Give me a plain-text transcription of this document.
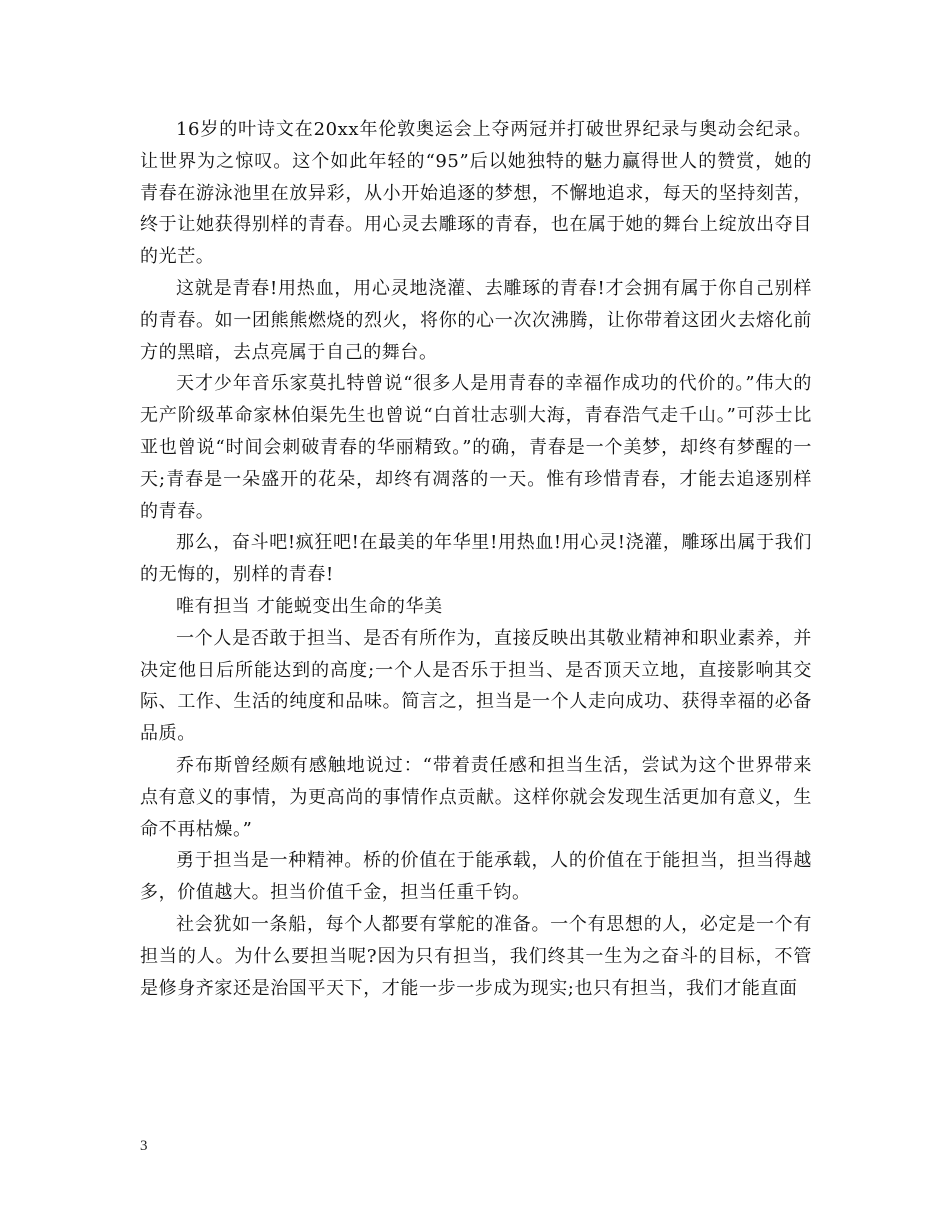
16岁的叶诗文在20xx年伦敦奥运会上夺两冠并打破世界纪录与奥动会纪录。让世界为之惊叹。这个如此年轻的“95”后以她独特的魅力赢得世人的赞赏，她的青春在游泳池里在放异彩，从小开始追逐的梦想，不懈地追求，每天的坚持刻苦，终于让她获得别样的青春。用心灵去雕琢的青春，也在属于她的舞台上绽放出夺目的光芒。

这就是青春!用热血，用心灵地浇灌、去雕琢的青春!才会拥有属于你自己别样的青春。如一团熊熊燃烧的烈火，将你的心一次次沸腾，让你带着这团火去熔化前方的黑暗，去点亮属于自己的舞台。

天才少年音乐家莫扎特曾说“很多人是用青春的幸福作成功的代价的。”伟大的无产阶级革命家林伯渠先生也曾说“白首壮志驯大海，青春浩气走千山。”可莎士比亚也曾说“时间会刺破青春的华丽精致。”的确，青春是一个美梦，却终有梦醒的一天;青春是一朵盛开的花朵，却终有凋落的一天。惟有珍惜青春，才能去追逐别样的青春。

那么，奋斗吧!疯狂吧!在最美的年华里!用热血!用心灵!浇灌，雕琢出属于我们的无悔的，别样的青春!

唯有担当 才能蜕变出生命的华美

一个人是否敢于担当、是否有所作为，直接反映出其敬业精神和职业素养，并决定他日后所能达到的高度;一个人是否乐于担当、是否顶天立地，直接影响其交际、工作、生活的纯度和品味。简言之，担当是一个人走向成功、获得幸福的必备品质。

乔布斯曾经颇有感触地说过：“带着责任感和担当生活，尝试为这个世界带来点有意义的事情，为更高尚的事情作点贡献。这样你就会发现生活更加有意义，生命不再枯燥。”

勇于担当是一种精神。桥的价值在于能承载，人的价值在于能担当，担当得越多，价值越大。担当价值千金，担当任重千钧。

社会犹如一条船，每个人都要有掌舵的准备。一个有思想的人，必定是一个有担当的人。为什么要担当呢?因为只有担当，我们终其一生为之奋斗的目标，不管是修身齐家还是治国平天下，才能一步一步成为现实;也只有担当，我们才能直面

3
